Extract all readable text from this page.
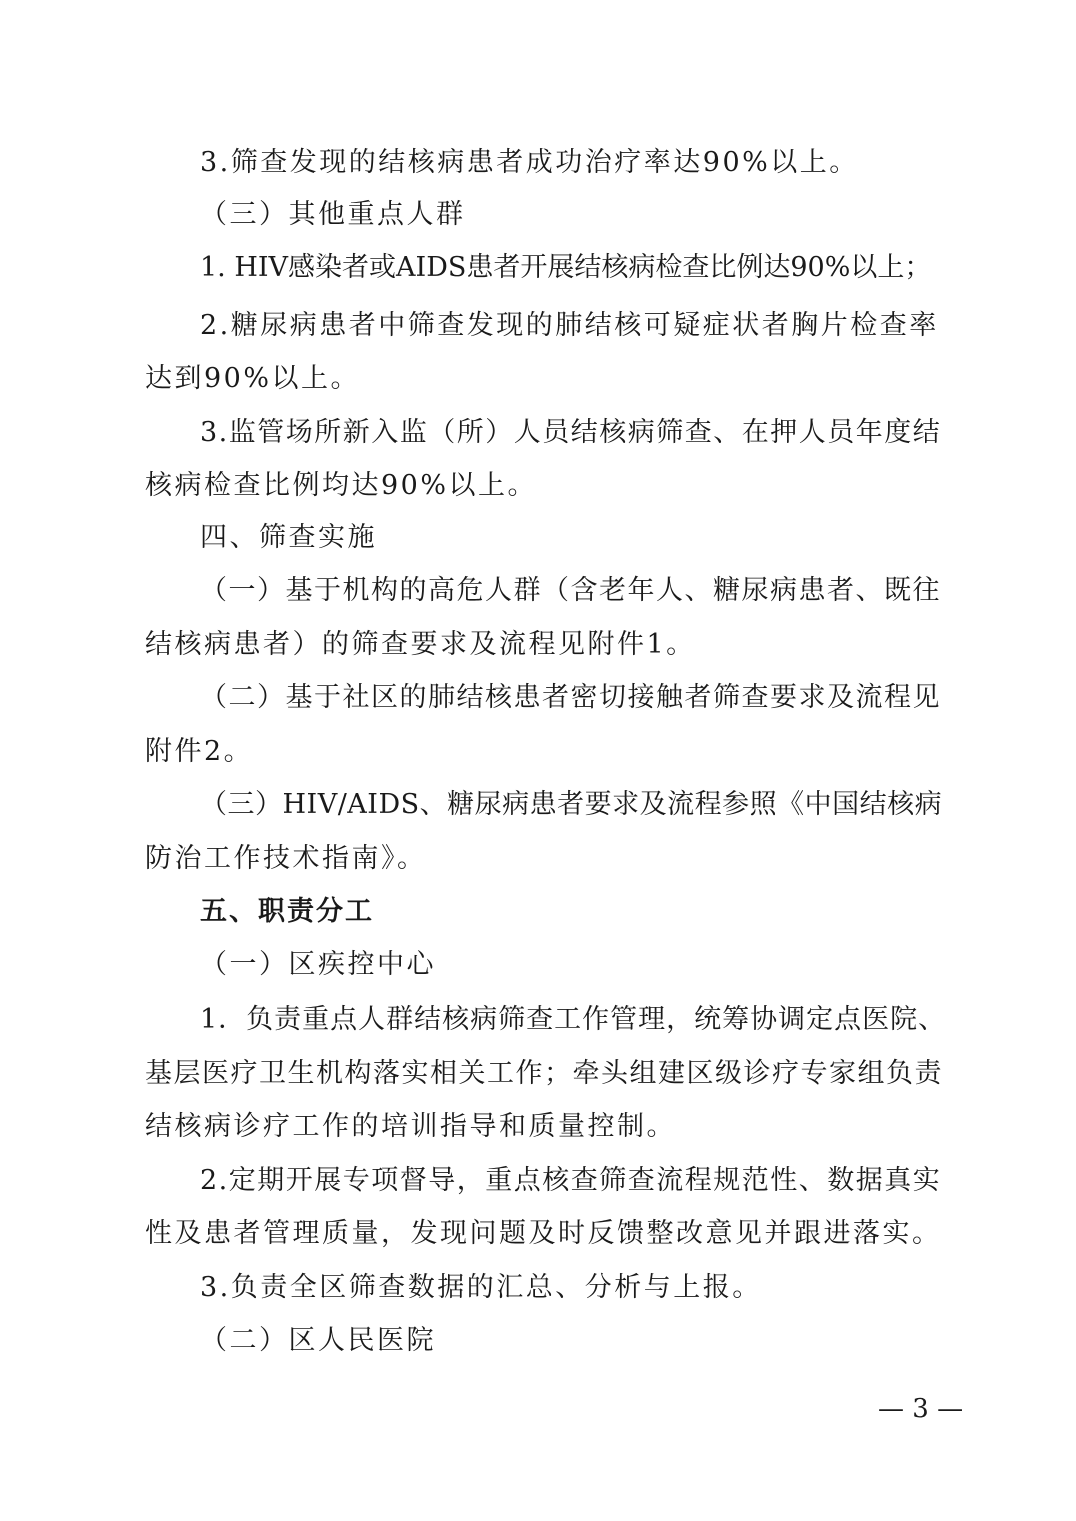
3.筛查发现的结核病患者成功治疗率达90%以上。
（三）其他重点人群
1. HIV感染者或AIDS患者开展结核病检查比例达90%以上；
2.糖尿病患者中筛查发现的肺结核可疑症状者胸片检查率
达到90%以上。
3.监管场所新入监（所）人员结核病筛查、在押人员年度结
核病检查比例均达90%以上。
四、筛查实施
（一）基于机构的高危人群（含老年人、糖尿病患者、既往
结核病患者）的筛查要求及流程见附件1。
（二）基于社区的肺结核患者密切接触者筛查要求及流程见
附件2。
（三）HIV/AIDS、糖尿病患者要求及流程参照《中国结核病
防治工作技术指南》。
五、职责分工
（一）区疾控中心
1．负责重点人群结核病筛查工作管理，统筹协调定点医院、
基层医疗卫生机构落实相关工作；牵头组建区级诊疗专家组负责
结核病诊疗工作的培训指导和质量控制。
2.定期开展专项督导，重点核查筛查流程规范性、数据真实
性及患者管理质量，发现问题及时反馈整改意见并跟进落实。
3.负责全区筛查数据的汇总、分析与上报。
（二）区人民医院
— 3 —
